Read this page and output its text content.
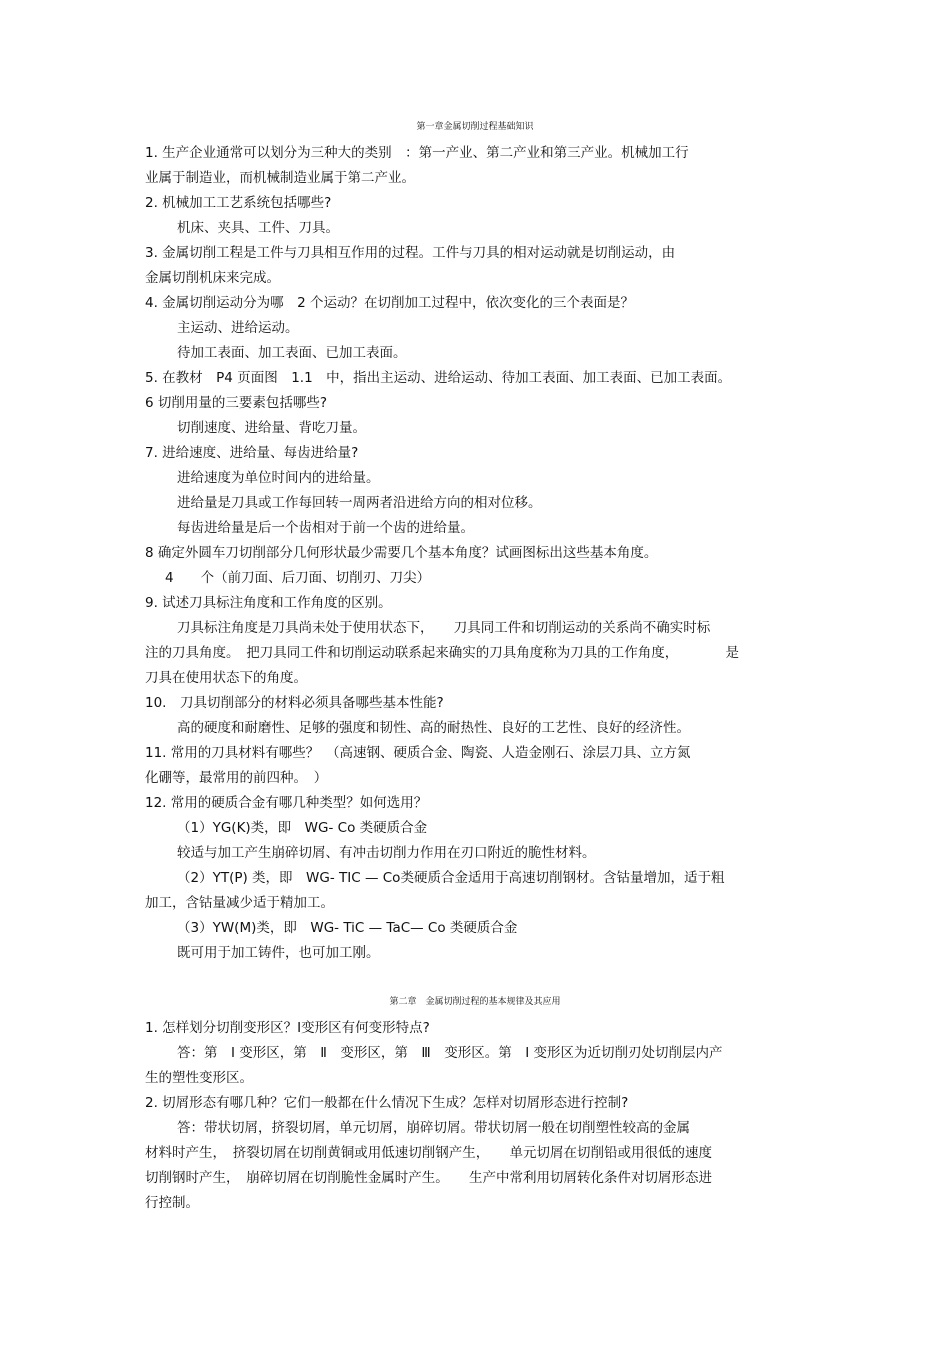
第一章金属切削过程基础知识
1. 生产企业通常可以划分为三种大的类别　：第一产业、第二产业和第三产业。机械加工行
业属于制造业，而机械制造业属于第二产业。
2. 机械加工工艺系统包括哪些?
机床、夹具、工件、刀具。
3. 金属切削工程是工件与刀具相互作用的过程。工件与刀具的相对运动就是切削运动，由
金属切削机床来完成。
4. 金属切削运动分为哪　2 个运动？在切削加工过程中，依次变化的三个表面是？
主运动、进给运动。
待加工表面、加工表面、已加工表面。
5. 在教材　P4 页面图　1.1　中，指出主运动、进给运动、待加工表面、加工表面、已加工表面。
6 切削用量的三要素包括哪些?
切削速度、进给量、背吃刀量。
7. 进给速度、进给量、每齿进给量?
进给速度为单位时间内的进给量。
进给量是刀具或工作每回转一周两者沿进给方向的相对位移。
每齿进给量是后一个齿相对于前一个齿的进给量。
8 确定外圆车刀切削部分几何形状最少需要几个基本角度？试画图标出这些基本角度。
4　　个（前刀面、后刀面、切削刃、刀尖）
9. 试述刀具标注角度和工作角度的区别。
刀具标注角度是刀具尚未处于使用状态下，　　刀具同工件和切削运动的关系尚不确实时标
注的刀具角度。　把刀具同工件和切削运动联系起来确实的刀具角度称为刀具的工作角度，　　　　是
刀具在使用状态下的角度。
10.　刀具切削部分的材料必须具备哪些基本性能?
高的硬度和耐磨性、足够的强度和韧性、高的耐热性、良好的工艺性、良好的经济性。
11. 常用的刀具材料有哪些？　（高速钢、硬质合金、陶瓷、人造金刚石、涂层刀具、立方氮
化硼等，最常用的前四种。　）
12. 常用的硬质合金有哪几种类型？如何选用？
（1）YG(K)类，即　WG- Co 类硬质合金
较适与加工产生崩碎切屑、有冲击切削力作用在刃口附近的脆性材料。
（2）YT(P) 类，即　WG- TIC — Co类硬质合金适用于高速切削钢材。含钴量增加，适于粗
加工，含钴量减少适于精加工。
（3）YW(M)类，即　WG- TiC — TaC— Co 类硬质合金
既可用于加工铸件，也可加工刚。
第二章　金属切削过程的基本规律及其应用
1. 怎样划分切削变形区？Ⅰ变形区有何变形特点?
答：第　Ⅰ 变形区，第　Ⅱ　变形区，第　Ⅲ　变形区。第　Ⅰ 变形区为近切削刃处切削层内产
生的塑性变形区。
2. 切屑形态有哪几种？它们一般都在什么情况下生成？怎样对切屑形态进行控制?
答：带状切屑，挤裂切屑，单元切屑，崩碎切屑。带状切屑一般在切削塑性较高的金属
材料时产生，　挤裂切屑在切削黄铜或用低速切削钢产生，　　单元切屑在切削铅或用很低的速度
切削钢时产生，　崩碎切屑在切削脆性金属时产生。　　生产中常利用切屑转化条件对切屑形态进
行控制。
